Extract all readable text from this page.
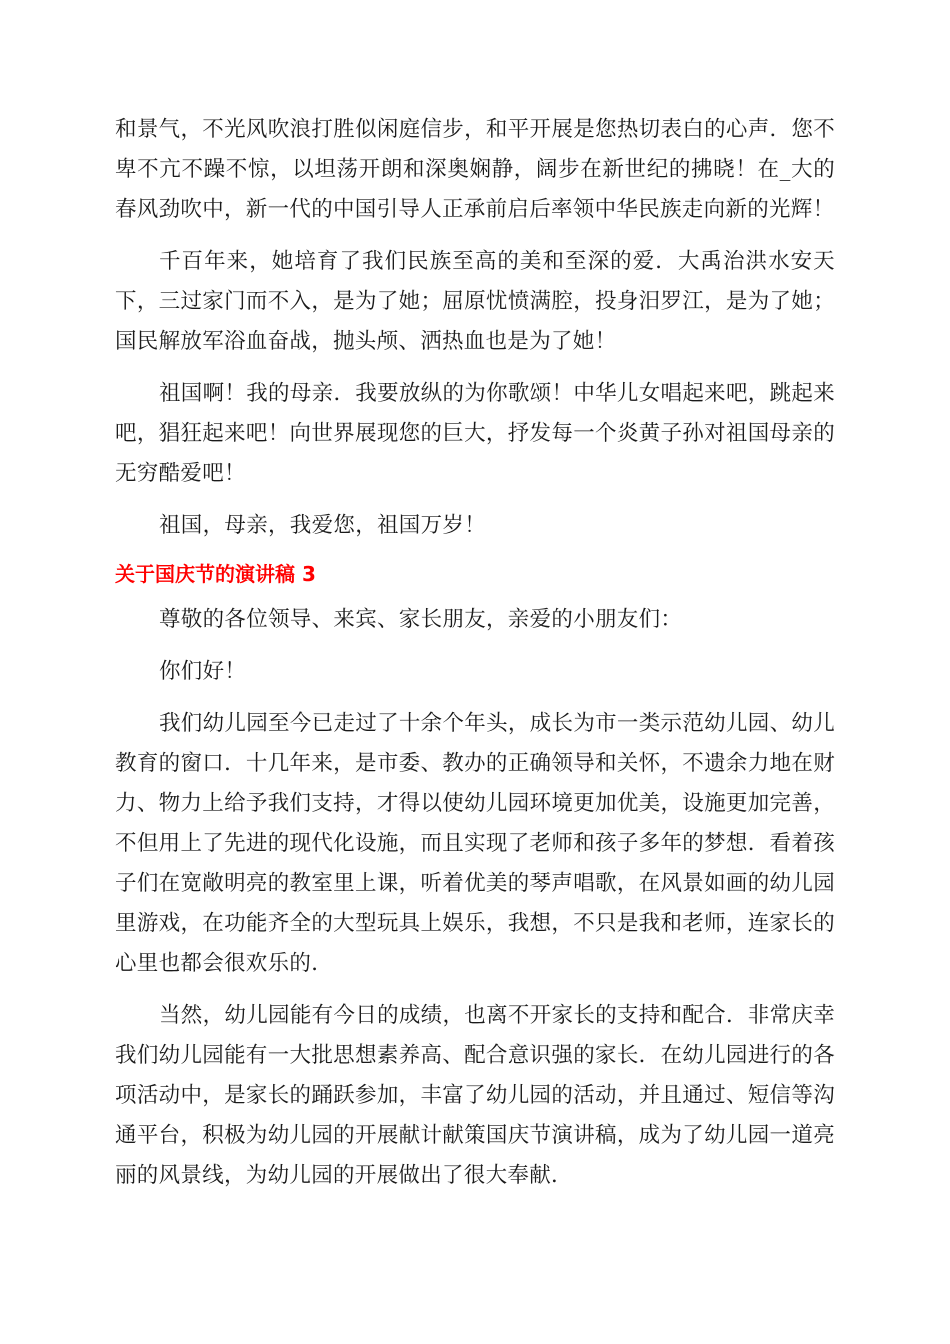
和景气，不光风吹浪打胜似闲庭信步，和平开展是您热切表白的心声．您不卑不亢不躁不惊，以坦荡开朗和深奥娴静，阔步在新世纪的拂晓！在_大的春风劲吹中，新一代的中国引导人正承前启后率领中华民族走向新的光辉！

千百年来，她培育了我们民族至高的美和至深的爱．大禹治洪水安天下，三过家门而不入，是为了她；屈原忧愤满腔，投身汨罗江，是为了她；国民解放军浴血奋战，抛头颅、洒热血也是为了她！

祖国啊！我的母亲．我要放纵的为你歌颂！中华儿女唱起来吧，跳起来吧，猖狂起来吧！向世界展现您的巨大，抒发每一个炎黄子孙对祖国母亲的无穷酷爱吧！

祖国，母亲，我爱您，祖国万岁！

关于国庆节的演讲稿 3

尊敬的各位领导、来宾、家长朋友，亲爱的小朋友们：

你们好！

我们幼儿园至今已走过了十余个年头，成长为市一类示范幼儿园、幼儿教育的窗口．十几年来，是市委、教办的正确领导和关怀，不遗余力地在财力、物力上给予我们支持，才得以使幼儿园环境更加优美，设施更加完善，不但用上了先进的现代化设施，而且实现了老师和孩子多年的梦想．看着孩子们在宽敞明亮的教室里上课，听着优美的琴声唱歌，在风景如画的幼儿园里游戏，在功能齐全的大型玩具上娱乐，我想，不只是我和老师，连家长的心里也都会很欢乐的．

当然，幼儿园能有今日的成绩，也离不开家长的支持和配合．非常庆幸我们幼儿园能有一大批思想素养高、配合意识强的家长．在幼儿园进行的各项活动中，是家长的踊跃参加，丰富了幼儿园的活动，并且通过、短信等沟通平台，积极为幼儿园的开展献计献策国庆节演讲稿，成为了幼儿园一道亮丽的风景线，为幼儿园的开展做出了很大奉献．
